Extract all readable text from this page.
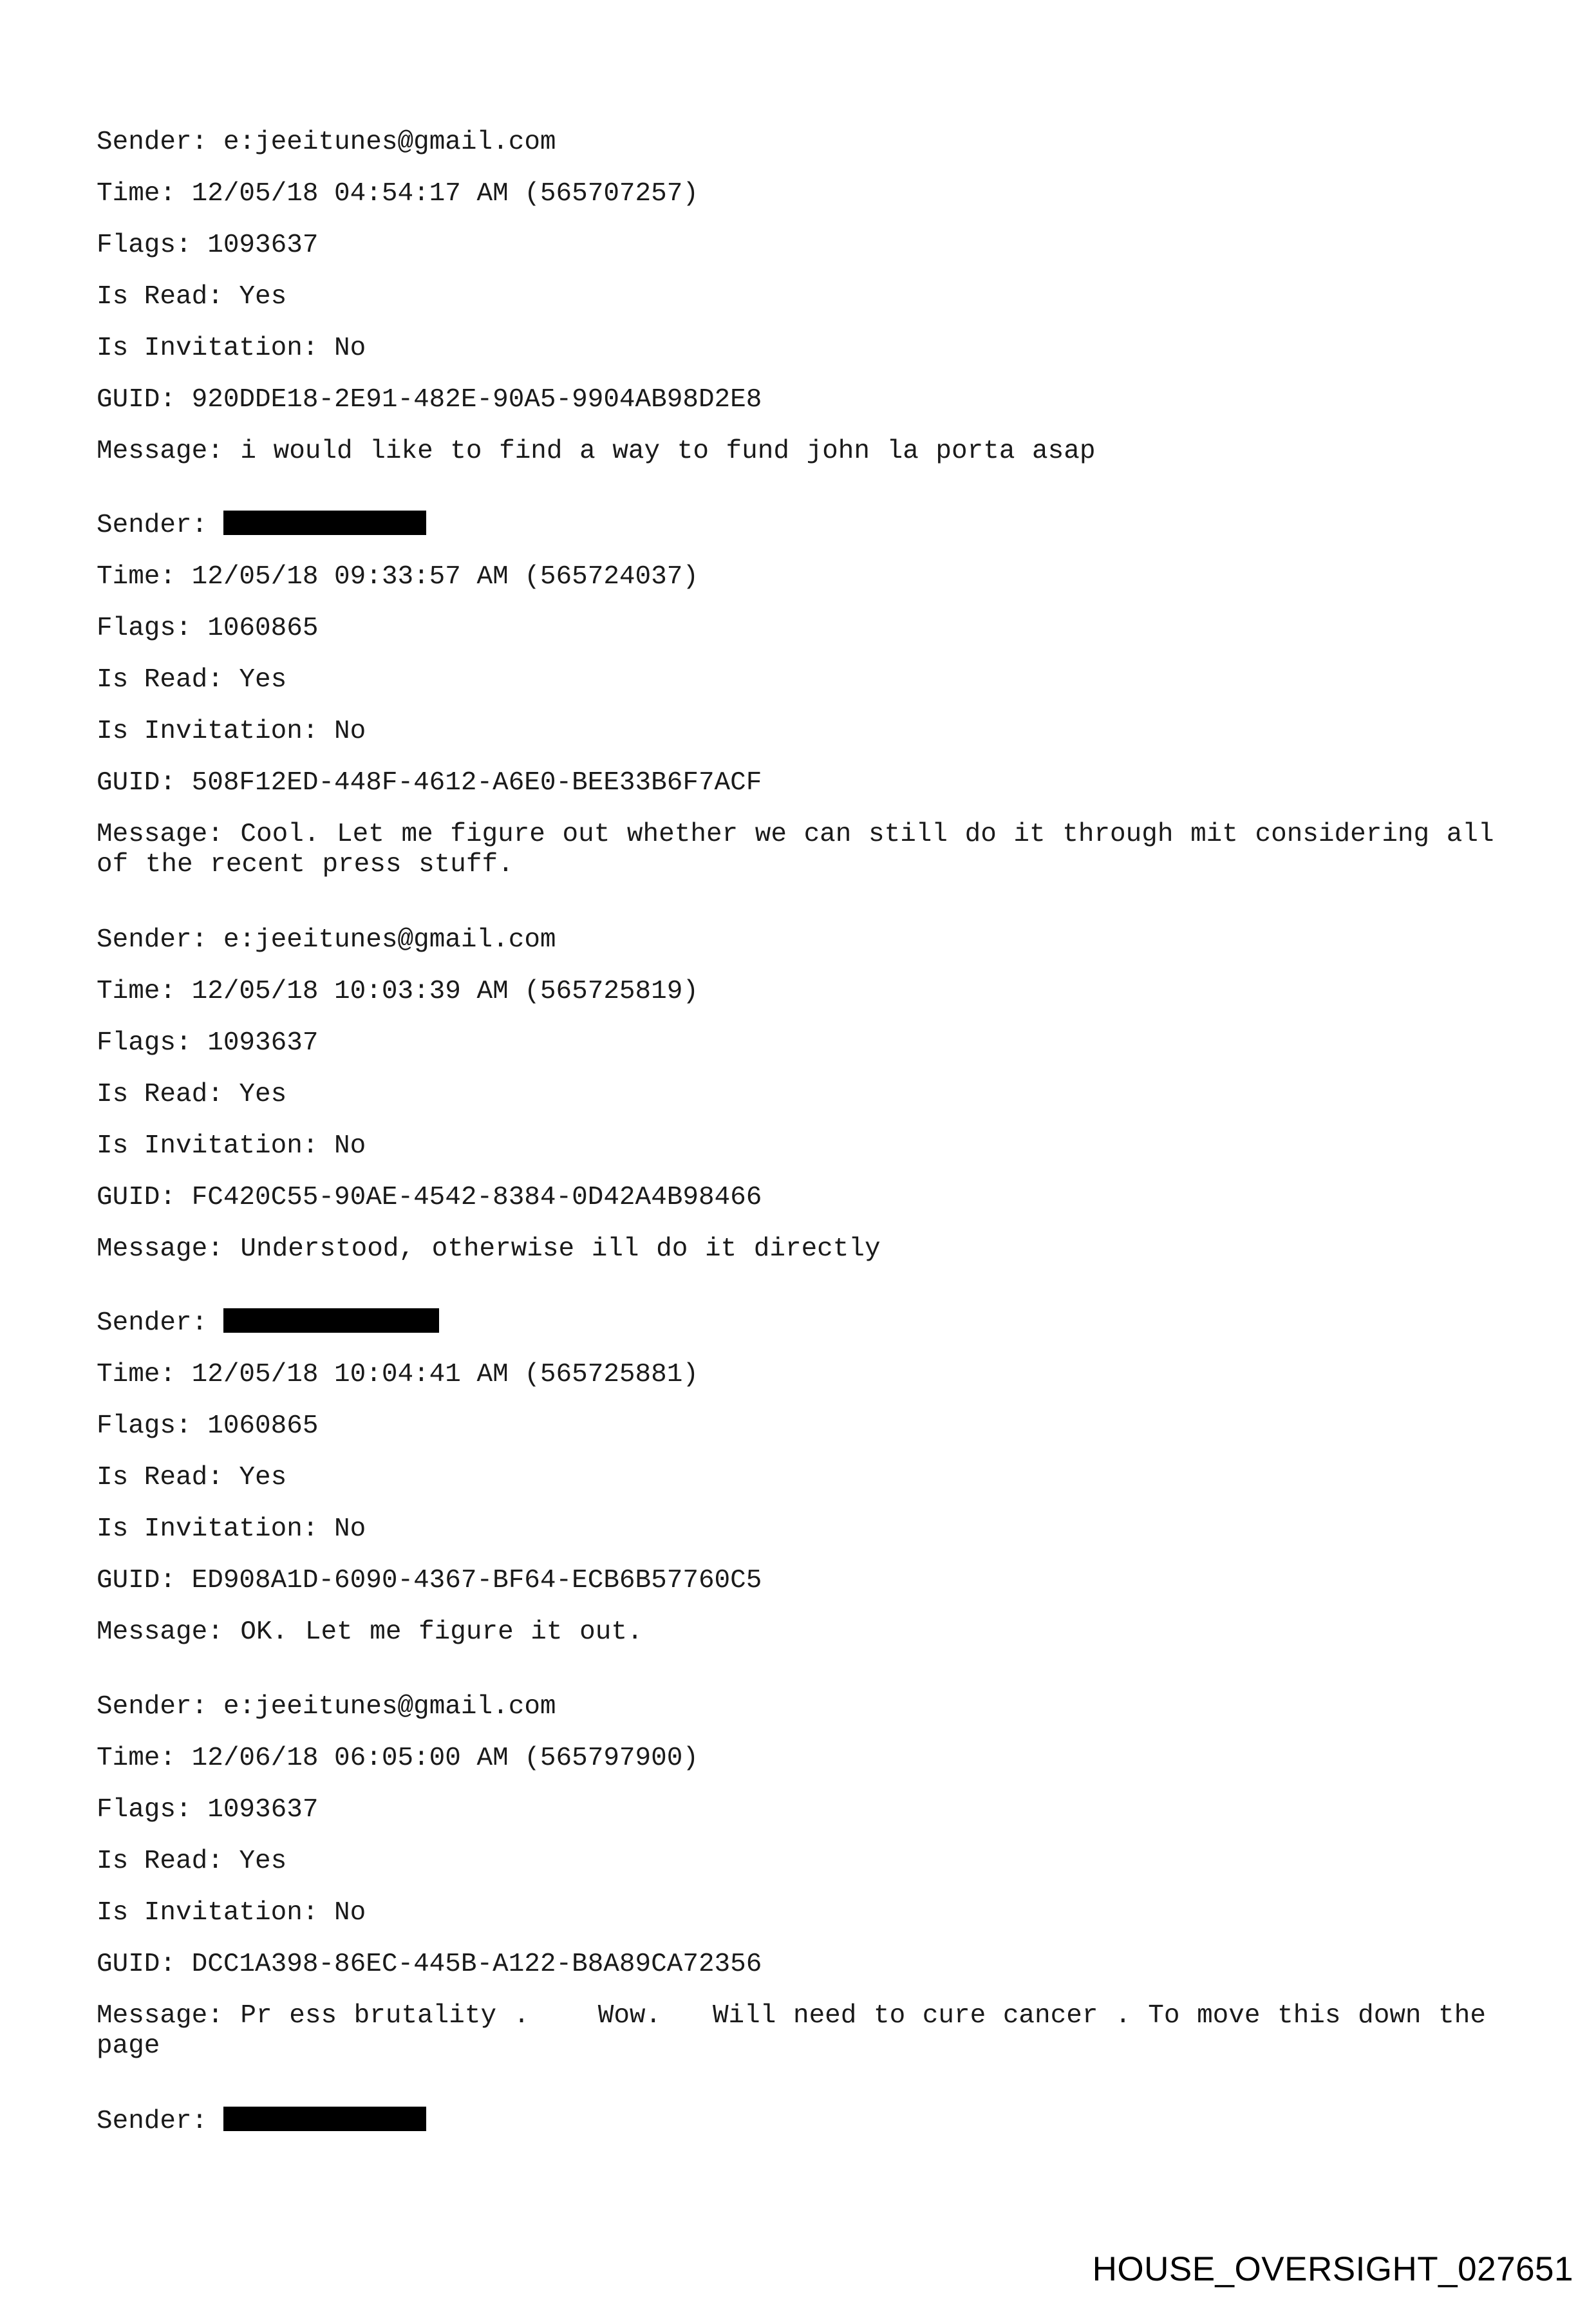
Sender: e:jeeitunes@gmail.com
Time: 12/05/18 04:54:17 AM (565707257)
Flags: 1093637
Is Read: Yes
Is Invitation: No
GUID: 920DDE18-2E91-482E-90A5-9904AB98D2E8
Message: i would like to find a way to fund john la porta asap
Sender:
Time: 12/05/18 09:33:57 AM (565724037)
Flags: 1060865
Is Read: Yes
Is Invitation: No
GUID: 508F12ED-448F-4612-A6E0-BEE33B6F7ACF
Message: Cool. Let me figure out whether we can still do it through mit considering all
of the recent press stuff.
Sender: e:jeeitunes@gmail.com
Time: 12/05/18 10:03:39 AM (565725819)
Flags: 1093637
Is Read: Yes
Is Invitation: No
GUID: FC420C55-90AE-4542-8384-0D42A4B98466
Message: Understood, otherwise ill do it directly
Sender:
Time: 12/05/18 10:04:41 AM (565725881)
Flags: 1060865
Is Read: Yes
Is Invitation: No
GUID: ED908A1D-6090-4367-BF64-ECB6B57760C5
Message: OK. Let me figure it out.
Sender: e:jeeitunes@gmail.com
Time: 12/06/18 06:05:00 AM (565797900)
Flags: 1093637
Is Read: Yes
Is Invitation: No
GUID: DCC1A398-86EC-445B-A122-B8A89CA72356
Message: Pr ess brutality .    Wow.   Will need to cure cancer . To move this down the
page
Sender:
HOUSE_OVERSIGHT_027651
